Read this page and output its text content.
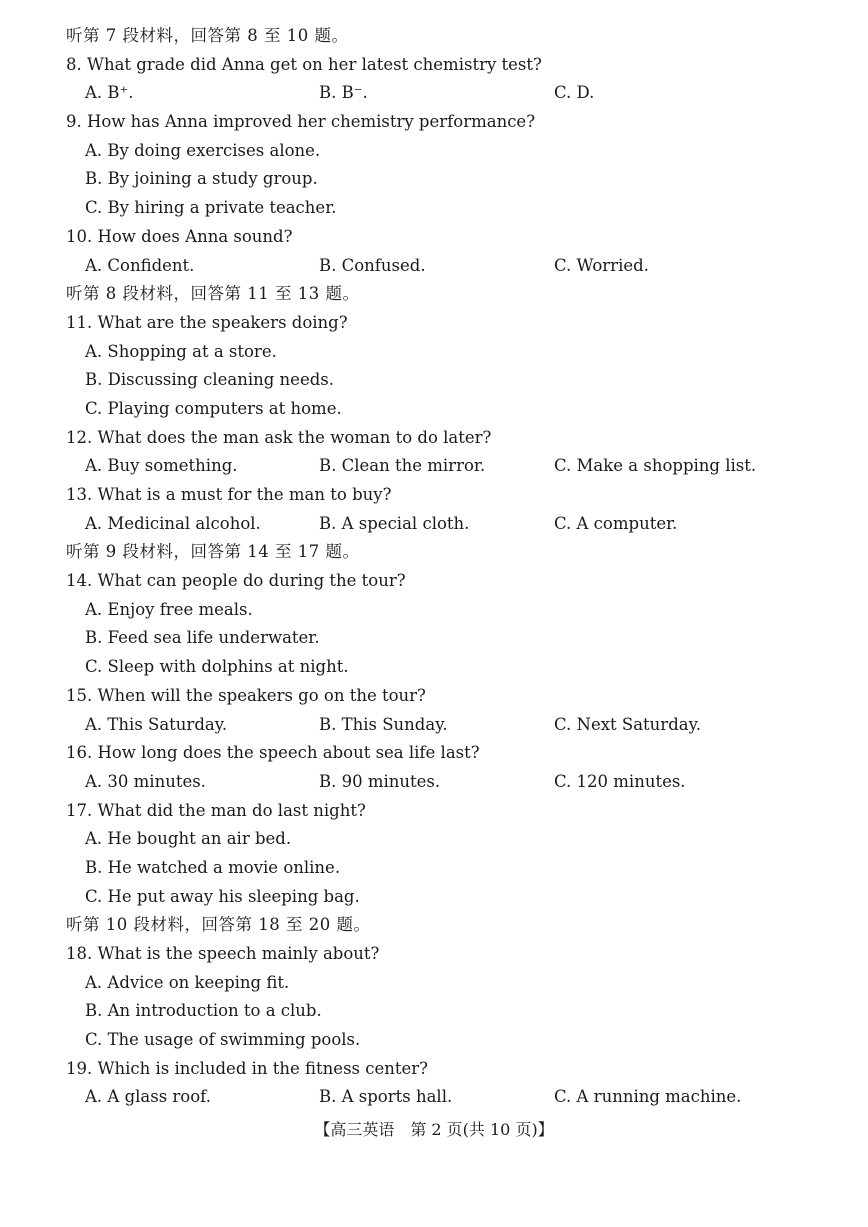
听第 7 段材料，回答第 8 至 10 题。
8. What grade did Anna get on her latest chemistry test?
A. B⁺.	B. B⁻.	C. D.
9. How has Anna improved her chemistry performance?
A. By doing exercises alone.
B. By joining a study group.
C. By hiring a private teacher.
10. How does Anna sound?
A. Confident.	B. Confused.	C. Worried.
听第 8 段材料，回答第 11 至 13 题。
11. What are the speakers doing?
A. Shopping at a store.
B. Discussing cleaning needs.
C. Playing computers at home.
12. What does the man ask the woman to do later?
A. Buy something.	B. Clean the mirror.	C. Make a shopping list.
13. What is a must for the man to buy?
A. Medicinal alcohol.	B. A special cloth.	C. A computer.
听第 9 段材料，回答第 14 至 17 题。
14. What can people do during the tour?
A. Enjoy free meals.
B. Feed sea life underwater.
C. Sleep with dolphins at night.
15. When will the speakers go on the tour?
A. This Saturday.	B. This Sunday.	C. Next Saturday.
16. How long does the speech about sea life last?
A. 30 minutes.	B. 90 minutes.	C. 120 minutes.
17. What did the man do last night?
A. He bought an air bed.
B. He watched a movie online.
C. He put away his sleeping bag.
听第 10 段材料，回答第 18 至 20 题。
18. What is the speech mainly about?
A. Advice on keeping fit.
B. An introduction to a club.
C. The usage of swimming pools.
19. Which is included in the fitness center?
A. A glass roof.	B. A sports hall.	C. A running machine.
【高三英语　第 2 页(共 10 页)】
